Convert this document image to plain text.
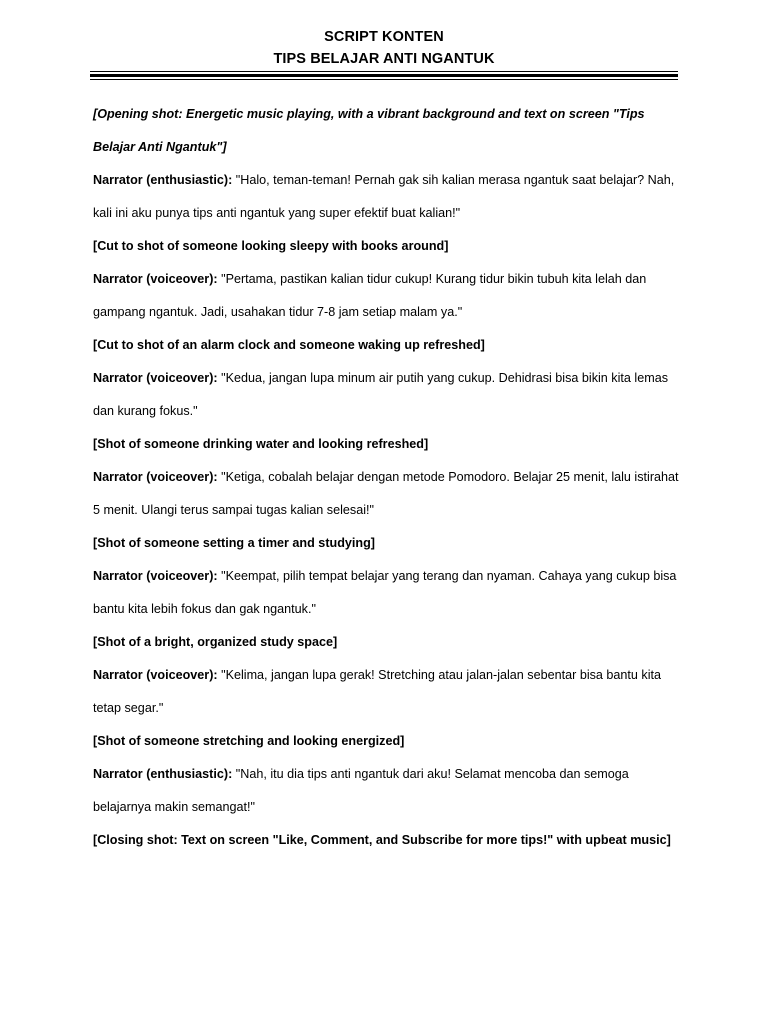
SCRIPT KONTEN
TIPS BELAJAR ANTI NGANTUK

[Opening shot: Energetic music playing, with a vibrant background and text on screen "Tips Belajar Anti Ngantuk"]

Narrator (enthusiastic): "Halo, teman-teman! Pernah gak sih kalian merasa ngantuk saat belajar? Nah, kali ini aku punya tips anti ngantuk yang super efektif buat kalian!"

[Cut to shot of someone looking sleepy with books around]

Narrator (voiceover): "Pertama, pastikan kalian tidur cukup! Kurang tidur bikin tubuh kita lelah dan gampang ngantuk. Jadi, usahakan tidur 7-8 jam setiap malam ya."

[Cut to shot of an alarm clock and someone waking up refreshed]

Narrator (voiceover): "Kedua, jangan lupa minum air putih yang cukup. Dehidrasi bisa bikin kita lemas dan kurang fokus."

[Shot of someone drinking water and looking refreshed]

Narrator (voiceover): "Ketiga, cobalah belajar dengan metode Pomodoro. Belajar 25 menit, lalu istirahat 5 menit. Ulangi terus sampai tugas kalian selesai!"

[Shot of someone setting a timer and studying]

Narrator (voiceover): "Keempat, pilih tempat belajar yang terang dan nyaman. Cahaya yang cukup bisa bantu kita lebih fokus dan gak ngantuk."

[Shot of a bright, organized study space]

Narrator (voiceover): "Kelima, jangan lupa gerak! Stretching atau jalan-jalan sebentar bisa bantu kita tetap segar."

[Shot of someone stretching and looking energized]

Narrator (enthusiastic): "Nah, itu dia tips anti ngantuk dari aku! Selamat mencoba dan semoga belajarnya makin semangat!"

[Closing shot: Text on screen "Like, Comment, and Subscribe for more tips!" with upbeat music]
